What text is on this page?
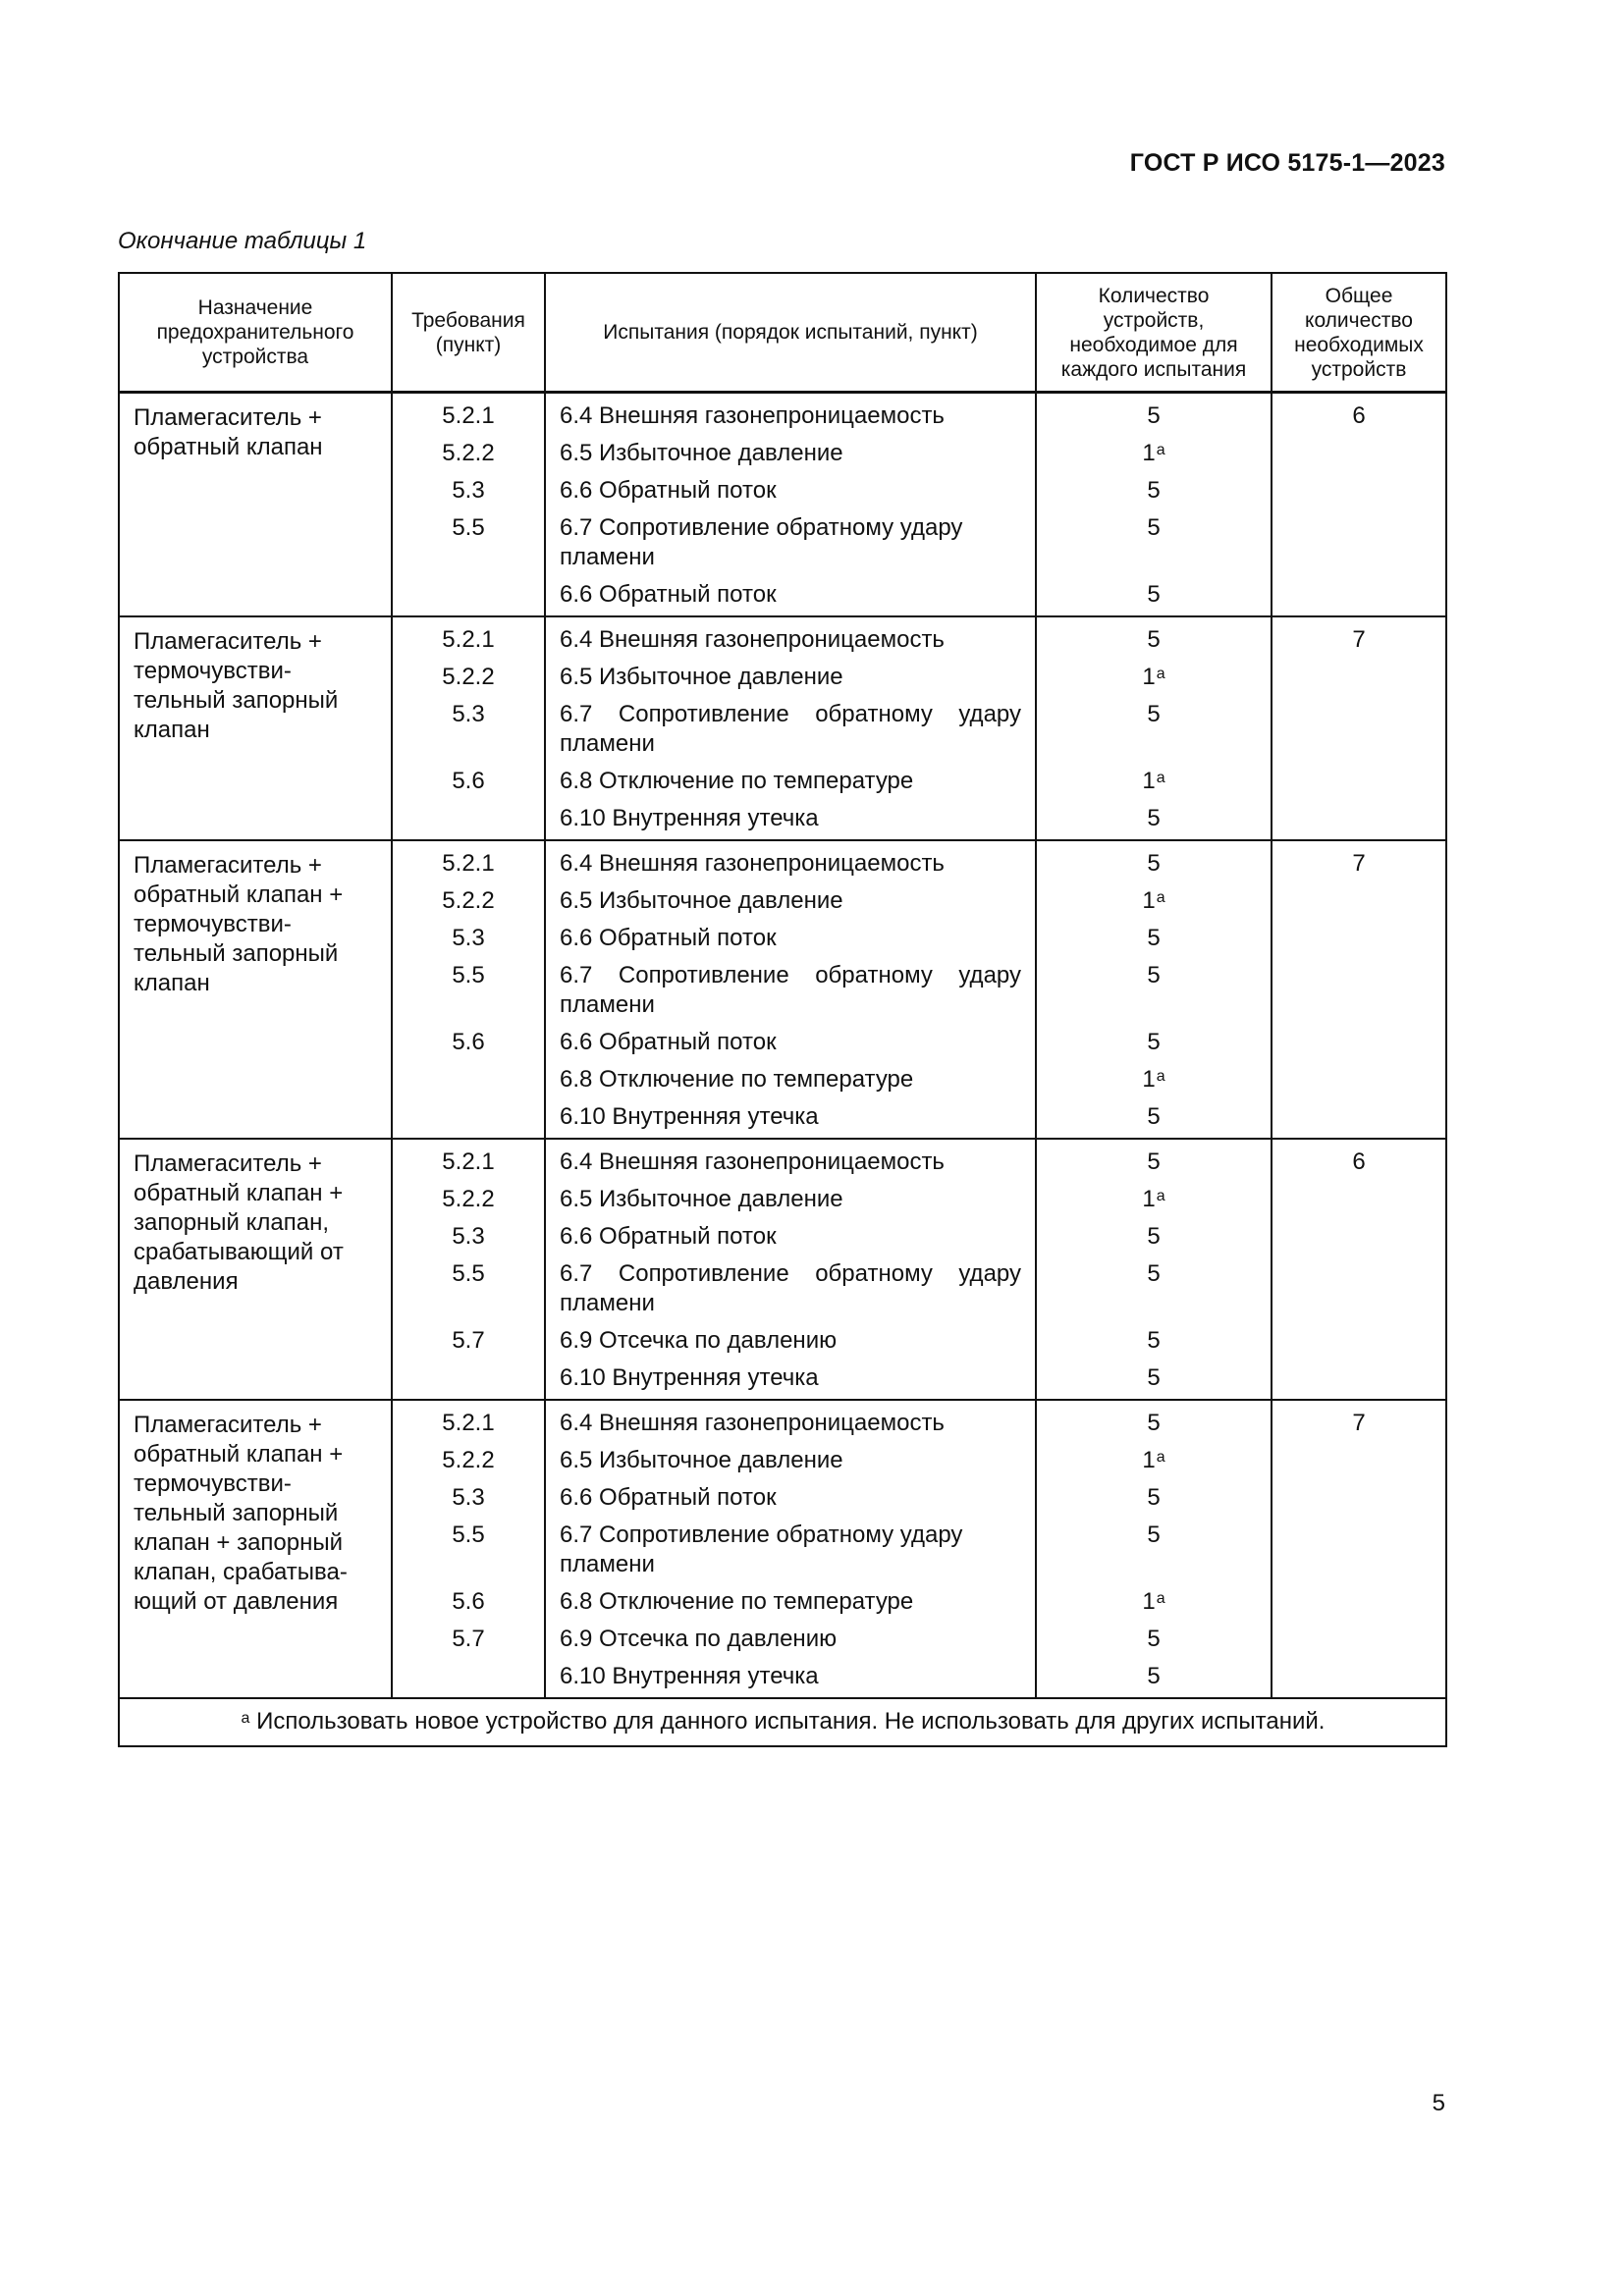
ГОСТ Р ИСО 5175-1—2023
Окончание таблицы 1
Назначение предохранительного устройства	Требования (пункт)	Испытания (порядок испытаний, пункт)	Количество устройств, необходимое для каждого испытания	Общее количество необходимых устройств
Пламегаситель + обратный клапан	5.2.1	6.4 Внешняя газонепроницаемость	5	6
	5.2.2	6.5 Избыточное давление	1$^a$
	5.3	6.6 Обратный поток	5	
	5.5	6.7 Сопротивление обратному удару пламени	5	

		6.6 Обратный поток	5	
Пламегаситель + термочувстви-тельный запорный клапан	5.2.1	6.4 Внешняя газонепроницаемость	5	7
	5.2.2	6.5 Избыточное давление	1$^a$
	5.3	6.7 Сопротивление обратному удару пламени	5	
	5.6	6.8 Отключение по температуре	1$^a$

		6.10 Внутренняя утечка	5	
Пламегаситель + обратный клапан + термочувстви-тельный запорный клапан	5.2.1	6.4 Внешняя газонепроницаемость	5	7
	5.2.2	6.5 Избыточное давление	1$^a$
	5.3	6.6 Обратный поток	5	
	5.5	6.7 Сопротивление обратному удару пламени	5	
	5.6	6.6 Обратный поток	5	

		6.8 Отключение по температуре	1$^a$

		6.10 Внутренняя утечка	5	
Пламегаситель + обратный клапан + запорный клапан, срабатывающий от давления	5.2.1	6.4 Внешняя газонепроницаемость	5	6
	5.2.2	6.5 Избыточное давление	1$^a$
	5.3	6.6 Обратный поток	5	
	5.5	6.7 Сопротивление обратному удару пламени	5	
	5.7	6.9 Отсечка по давлению	5	

		6.10 Внутренняя утечка	5	
Пламегаситель + обратный клапан + термочувстви-тельный запорный клапан + запорный клапан, срабатыва-ющий от давления	5.2.1	6.4 Внешняя газонепроницаемость	5	7
	5.2.2	6.5 Избыточное давление	1$^a$
	5.3	6.6 Обратный поток	5	
	5.5	6.7 Сопротивление обратному удару пламени	5	
	5.6	6.8 Отключение по температуре	1$^a$
	5.7	6.9 Отсечка по давлению	5	

		6.10 Внутренняя утечка	5	
$^a$ Использовать новое устройство для данного испытания. Не использовать для других испытаний.				
5
